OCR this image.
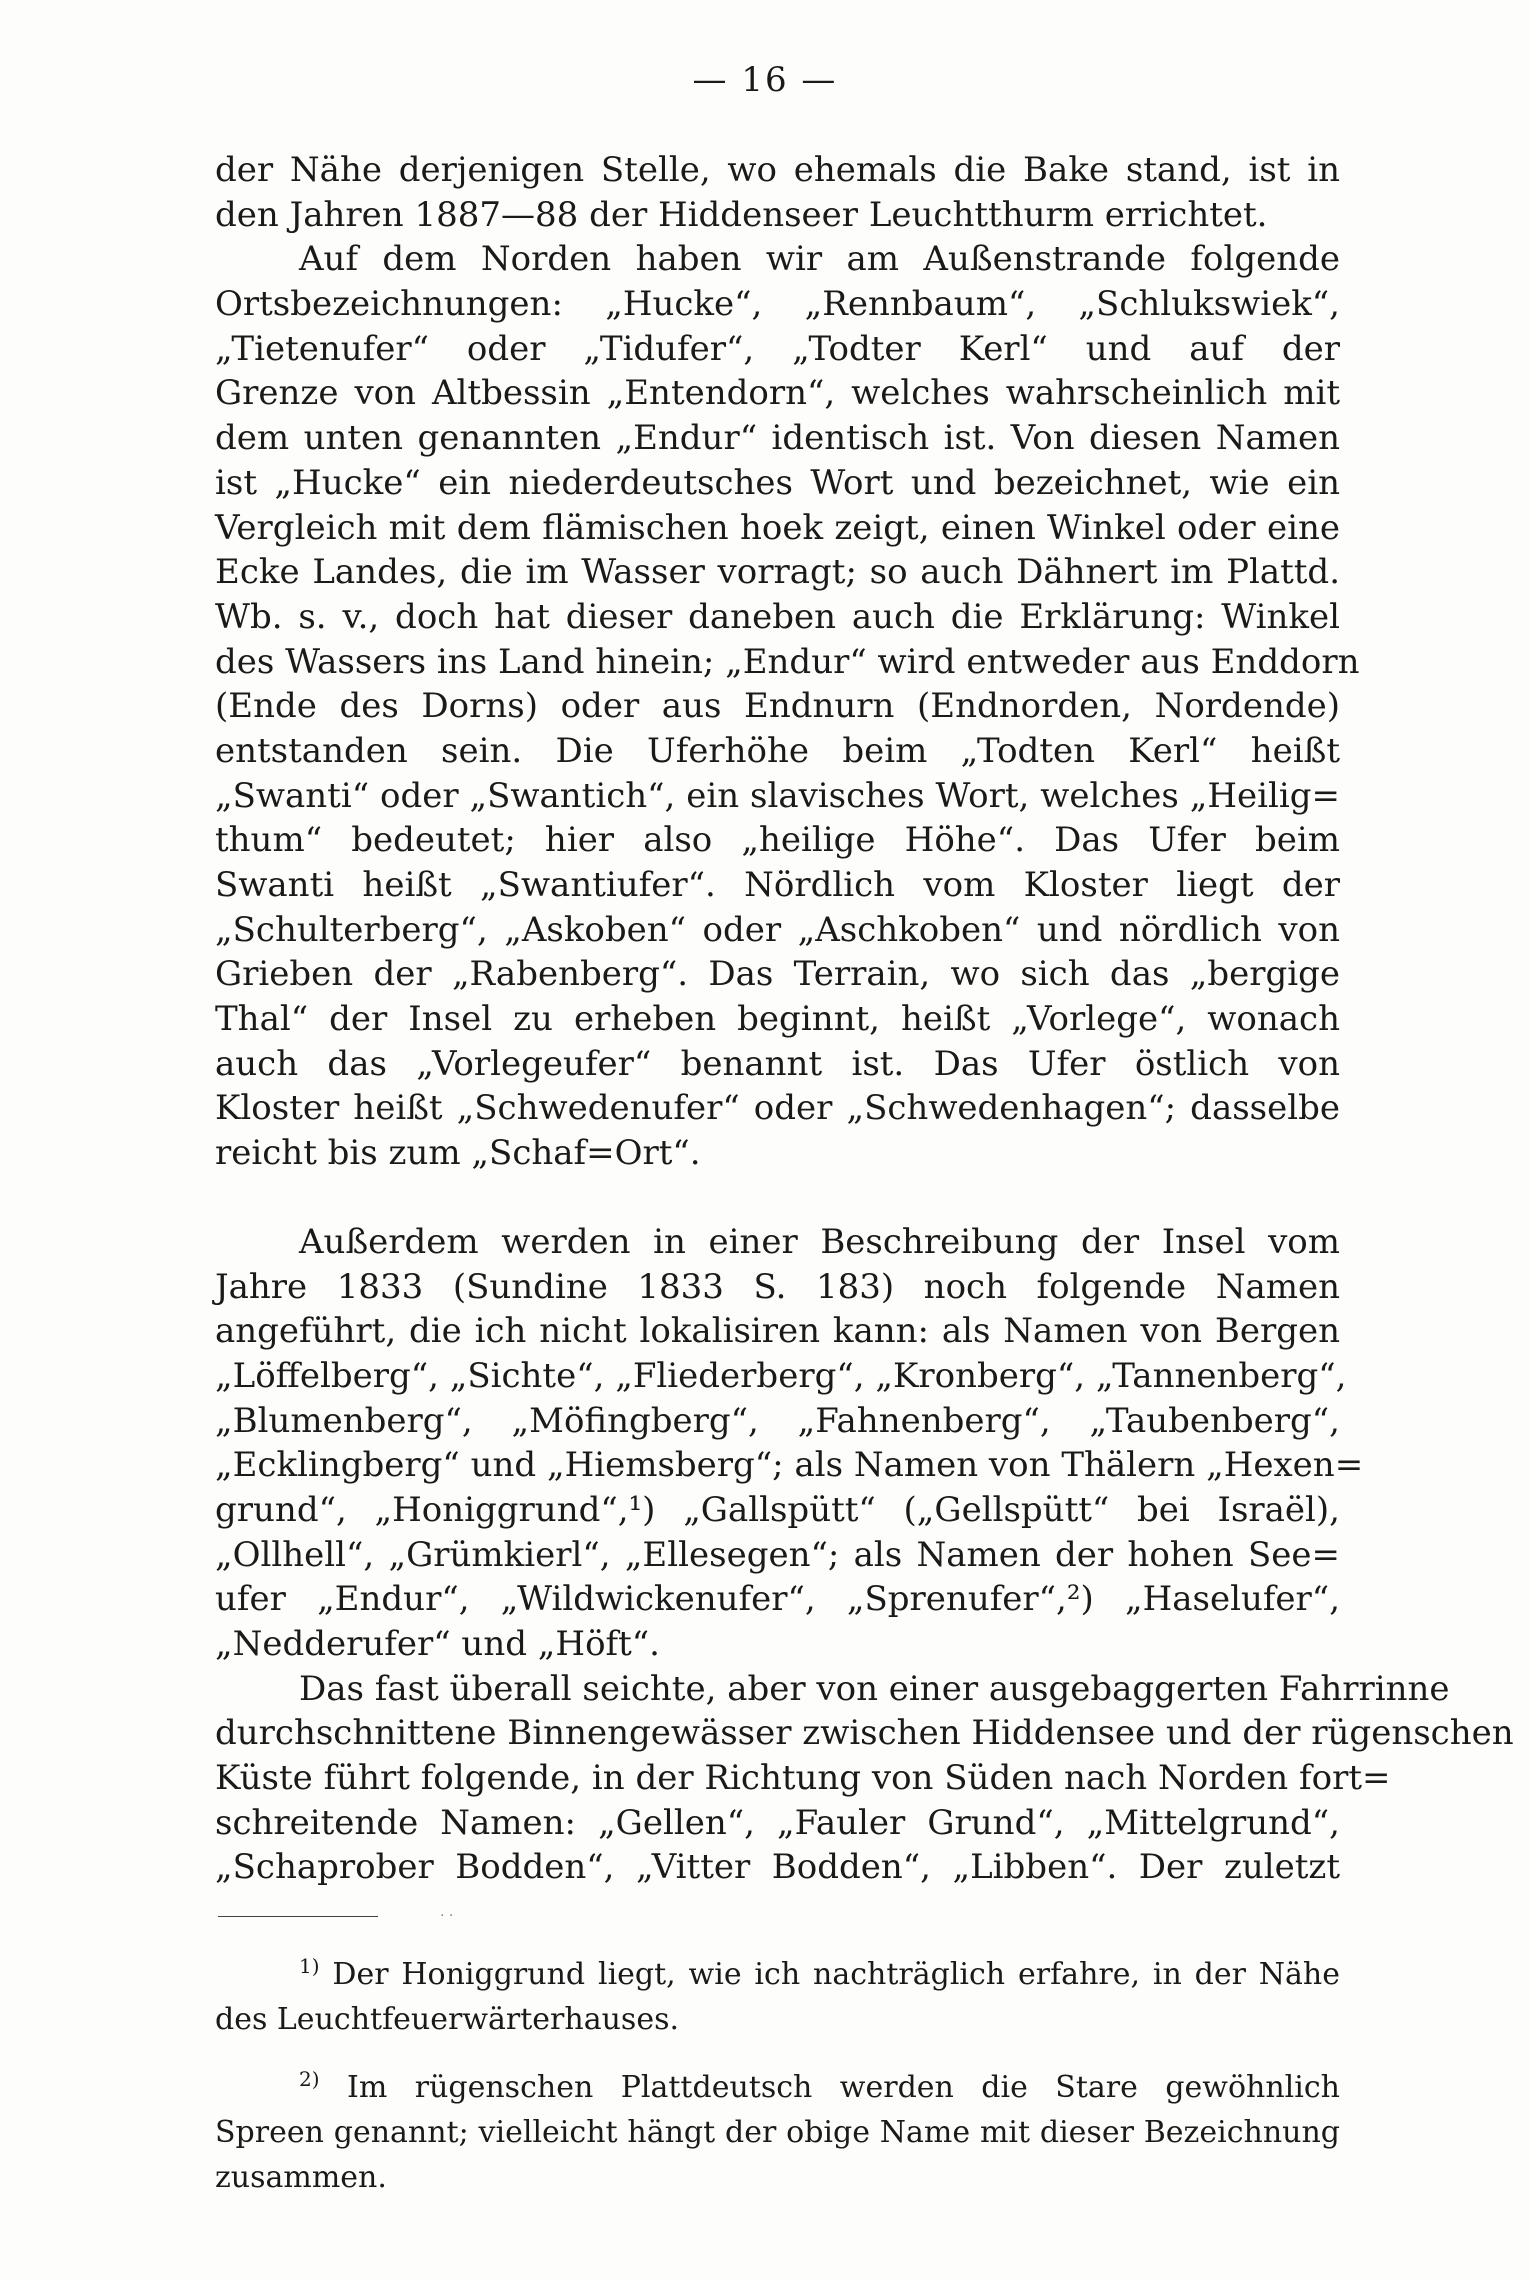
— 16 —
der Nähe derjenigen Stelle, wo ehemals die Bake stand, ist in
den Jahren 1887—88 der Hiddenseer Leuchtthurm errichtet.
Auf dem Norden haben wir am Außenstrande folgende
Ortsbezeichnungen: „Hucke“, „Rennbaum“, „Schlukswiek“,
„Tietenufer“ oder „Tidufer“, „Todter Kerl“ und auf der
Grenze von Altbessin „Entendorn“, welches wahrscheinlich mit
dem unten genannten „Endur“ identisch ist. Von diesen Namen
ist „Hucke“ ein niederdeutsches Wort und bezeichnet, wie ein
Vergleich mit dem flämischen hoek zeigt, einen Winkel oder eine
Ecke Landes, die im Wasser vorragt; so auch Dähnert im Plattd.
Wb. s. v., doch hat dieser daneben auch die Erklärung: Winkel
des Wassers ins Land hinein; „Endur“ wird entweder aus Enddorn
(Ende des Dorns) oder aus Endnurn (Endnorden, Nordende)
entstanden sein. Die Uferhöhe beim „Todten Kerl“ heißt
„Swanti“ oder „Swantich“, ein slavisches Wort, welches „Heilig=
thum“ bedeutet; hier also „heilige Höhe“. Das Ufer beim
Swanti heißt „Swantiufer“. Nördlich vom Kloster liegt der
„Schulterberg“, „Askoben“ oder „Aschkoben“ und nördlich von
Grieben der „Rabenberg“. Das Terrain, wo sich das „bergige
Thal“ der Insel zu erheben beginnt, heißt „Vorlege“, wonach
auch das „Vorlegeufer“ benannt ist. Das Ufer östlich von
Kloster heißt „Schwedenufer“ oder „Schwedenhagen“; dasselbe
reicht bis zum „Schaf=Ort“.
Außerdem werden in einer Beschreibung der Insel vom
Jahre 1833 (Sundine 1833 S. 183) noch folgende Namen
angeführt, die ich nicht lokalisiren kann: als Namen von Bergen
„Löffelberg“, „Sichte“, „Fliederberg“, „Kronberg“, „Tannenberg“,
„Blumenberg“, „Möfingberg“, „Fahnenberg“, „Taubenberg“,
„Ecklingberg“ und „Hiemsberg“; als Namen von Thälern „Hexen=
grund“, „Honiggrund“,¹) „Gallspütt“ („Gellspütt“ bei Israël),
„Ollhell“, „Grümkierl“, „Ellesegen“; als Namen der hohen See=
ufer „Endur“, „Wildwickenufer“, „Sprenufer“,²) „Haselufer“,
„Nedderufer“ und „Höft“.
Das fast überall seichte, aber von einer ausgebaggerten Fahrrinne
durchschnittene Binnengewässer zwischen Hiddensee und der rügenschen
Küste führt folgende, in der Richtung von Süden nach Norden fort=
schreitende Namen: „Gellen“, „Fauler Grund“, „Mittelgrund“,
„Schaprober Bodden“, „Vitter Bodden“, „Libben“. Der zuletzt
· ·
$^{1)}$ Der Honiggrund liegt, wie ich nachträglich erfahre, in der Nähe
des Leuchtfeuerwärterhauses.
$^{2)}$ Im rügenschen Plattdeutsch werden die Stare gewöhnlich
Spreen genannt; vielleicht hängt der obige Name mit dieser Bezeichnung
zusammen.
